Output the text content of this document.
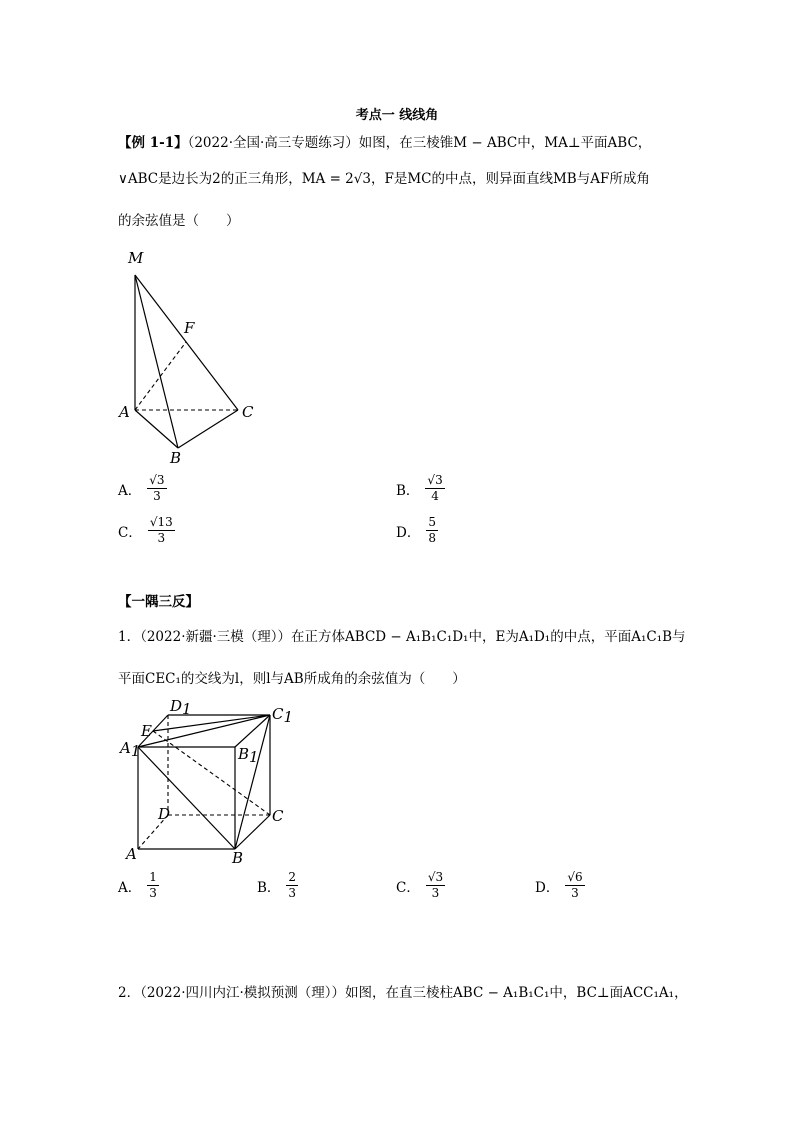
考点一 线线角
【例 1-1】（2022·全国·高三专题练习）如图，在三棱锥M − ABC中，MA⊥平面ABC，
∨ABC是边长为2的正三角形，MA = 2√3，F是MC的中点，则异面直线MB与AF所成角
的余弦值是（　　）
M
F
A	C
B
A． $\frac{√3}{3}$	B． $\frac{√3}{4}$
C． $\frac{√13}{3}$	D． $\frac{5}{8}$
【一隅三反】
1．（2022·新疆·三模（理））在正方体ABCD − A₁B₁C₁D₁中，E为A₁D₁的中点，平面A₁C₁B与
平面CEC₁的交线为l，则l与AB所成角的余弦值为（　　）
D1	C1
E
A1	B1
D	C
A	B
A． $\frac{1}{3}$	B． $\frac{2}{3}$	C． $\frac{√3}{3}$	D． $\frac{√6}{3}$
2．（2022·四川内江·模拟预测（理））如图，在直三棱柱ABC − A₁B₁C₁中，BC⊥面ACC₁A₁，
